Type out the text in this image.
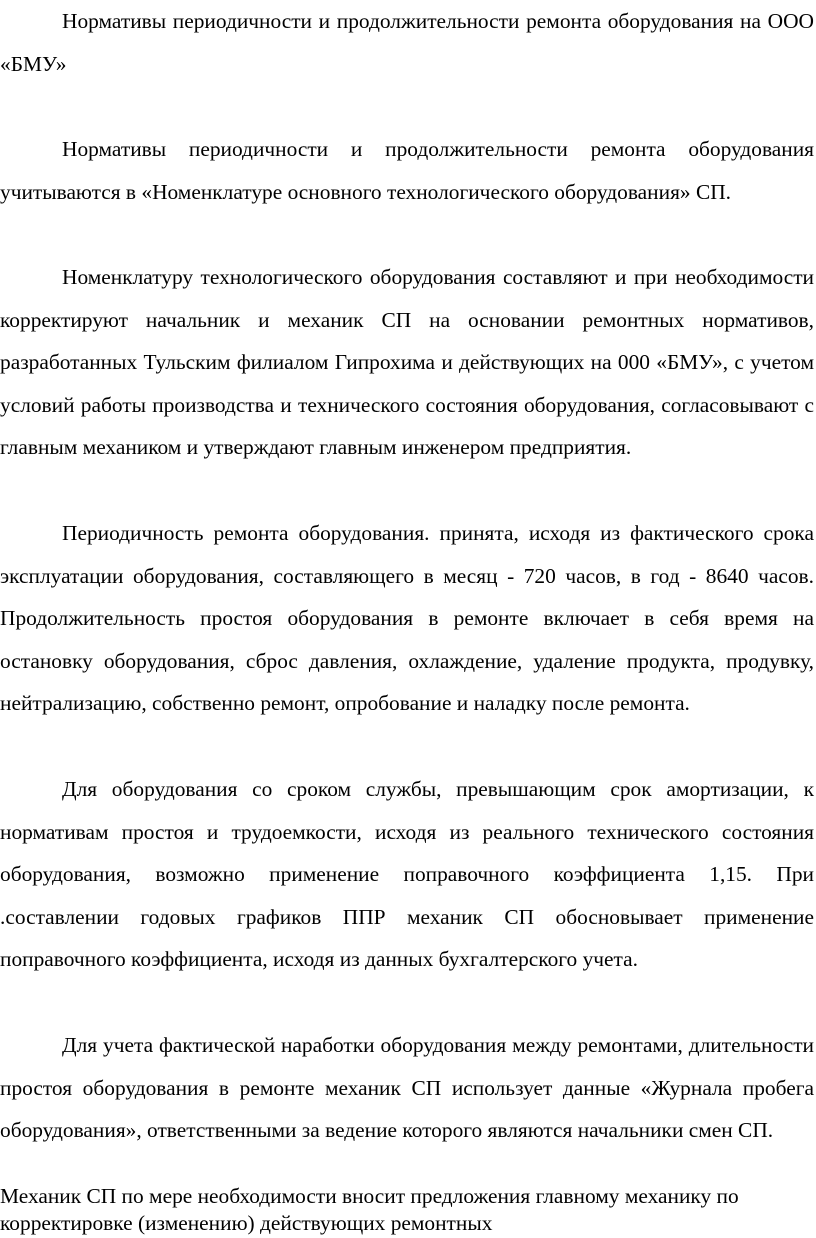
Нормативы периодичности и продолжительности ремонта оборудования на ООО «БМУ»

Нормативы периодичности и продолжительности ремонта оборудования учитываются в «Номенклатуре основного технологического оборудования» СП.

Номенклатуру технологического оборудования составляют и при необходимости корректируют начальник и механик СП на основании ремонтных нормативов, разработанных Тульским филиалом Гипрохима и действующих на 000 «БМУ», с учетом условий работы производства и технического состояния оборудования, согласовывают с главным механиком и утверждают главным инженером предприятия.

Периодичность ремонта оборудования. принята, исходя из фактического срока эксплуатации оборудования, составляющего в месяц - 720 часов, в год - 8640 часов. Продолжительность простоя оборудования в ремонте включает в себя время на остановку оборудования, сброс давления, охлаждение, удаление продукта, продувку, нейтрализацию, собственно ремонт, опробование и наладку после ремонта.

Для оборудования со сроком службы, превышающим срок амортизации, к нормативам простоя и трудоемкости, исходя из реального технического состояния оборудования, возможно применение поправочного коэффициента 1,15. При .составлении годовых графиков ППР механик СП обосновывает применение поправочного коэффициента, исходя из данных бухгалтерского учета.

Для учета фактической наработки оборудования между ремонтами, длительности простоя оборудования в ремонте механик СП использует данные «Журнала пробега оборудования», ответственными за ведение которого являются начальники смен СП.

Механик СП по мере необходимости вносит предложения главному механику по корректировке (изменению) действующих ремонтных
